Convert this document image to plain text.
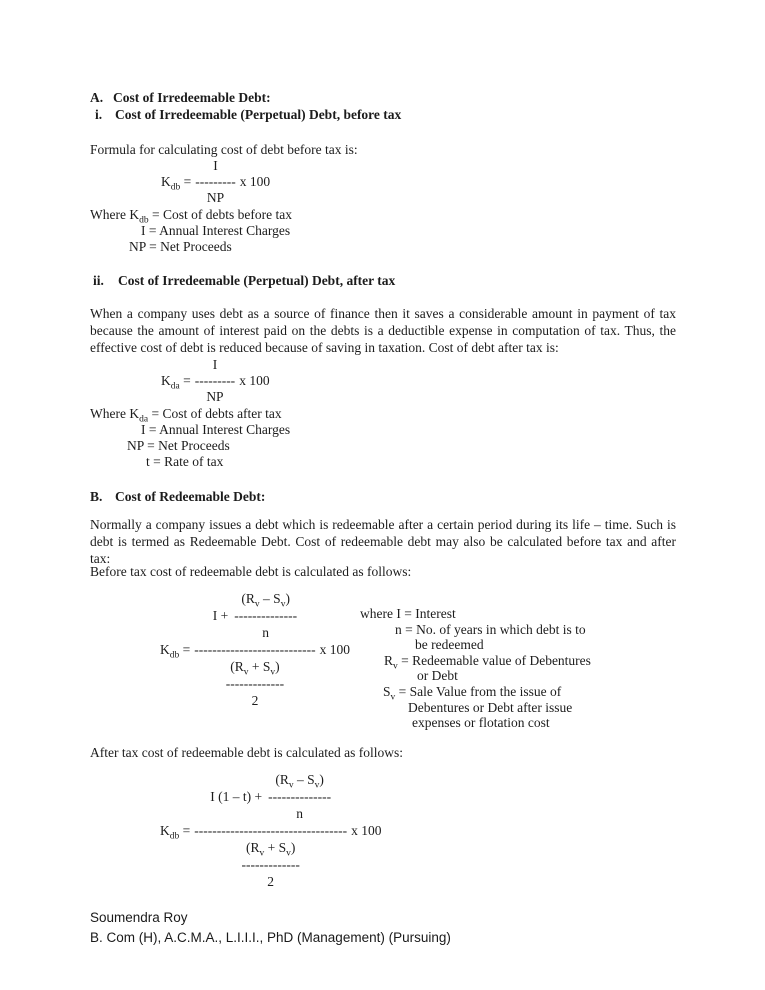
A. Cost of Irredeemable Debt:
i. Cost of Irredeemable (Perpetual) Debt, before tax
Formula for calculating cost of debt before tax is:
$K_{db}$ =
I
---------
NP
x 100
Where $K_{db}$ = Cost of debts before tax
I = Annual Interest Charges
NP = Net Proceeds
ii.	Cost of Irredeemable (Perpetual) Debt, after tax
When a company uses debt as a source of finance then it saves a considerable amount in payment of tax because the amount of interest paid on the debts is a deductible expense in computation of tax. Thus, the effective cost of debt is reduced because of saving in taxation. Cost of debt after tax is:
$K_{da}$ =
I
---------
NP
x 100
Where $K_{da}$ = Cost of debts after tax
I = Annual Interest Charges
NP = Net Proceeds
t = Rate of tax
B. Cost of Redeemable Debt:
Normally a company issues a debt which is redeemable after a certain period during its life – time. Such is debt is termed as Redeemable Debt. Cost of redeemable debt may also be calculated before tax and after tax:
Before tax cost of redeemable debt is calculated as follows:
$K_{db}$ =
I +
$(R_v - S_v)$
--------------
n
---------------------------
$(R_v + S_v)$
-------------
2
x 100
where I = Interest
n = No. of years in which debt is to
be redeemed
$R_v$ = Redeemable value of Debentures
or Debt
$S_v$ = Sale Value from the issue of
Debentures or Debt after issue
expenses or flotation cost
After tax cost of redeemable debt is calculated as follows:
$K_{db}$ =
I (1 – t) +
$(R_v - S_v)$
--------------
n
----------------------------------
$(R_v + S_v)$
-------------
2
x 100
Soumendra Roy
B. Com (H), A.C.M.A., L.I.I.I., PhD (Management) (Pursuing)
